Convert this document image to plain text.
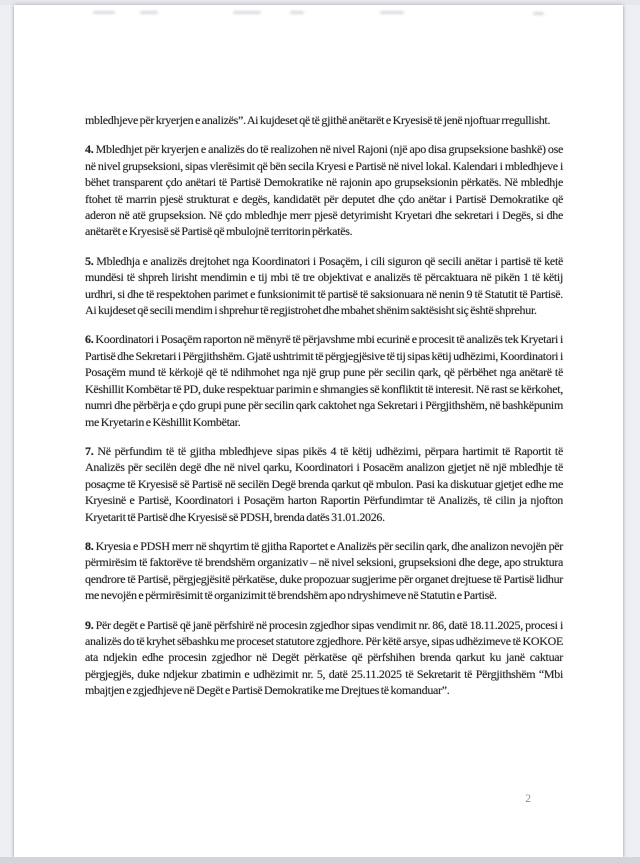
mbledhjeve për kryerjen e analizës”. Ai kujdeset që të gjithë anëtarët e Kryesisë të jenë njoftuar rregullisht.

4. Mbledhjet për kryerjen e analizës do të realizohen në nivel Rajoni (një apo disa grupseksione bashkë) ose në nivel grupseksioni, sipas vlerësimit që bën secila Kryesi e Partisë në nivel lokal. Kalendari i mbledhjeve i bëhet transparent çdo anëtari të Partisë Demokratike në rajonin apo grupseksionin përkatës. Në mbledhje ftohet të marrin pjesë strukturat e degës, kandidatët për deputet dhe çdo anëtar i Partisë Demokratike që aderon në atë grupseksion. Në çdo mbledhje merr pjesë detyrimisht Kryetari dhe sekretari i Degës, si dhe anëtarët e Kryesisë së Partisë që mbulojnë territorin përkatës.

5. Mbledhja e analizës drejtohet nga Koordinatori i Posaçëm, i cili siguron që secili anëtar i partisë të ketë mundësi të shpreh lirisht mendimin e tij mbi të tre objektivat e analizës të përcaktuara në pikën 1 të këtij urdhri, si dhe të respektohen parimet e funksionimit të partisë të saksionuara në nenin 9 të Statutit të Partisë. Ai kujdeset që secili mendim i shprehur të regjistrohet dhe mbahet shënim saktësisht siç është shprehur.

6. Koordinatori i Posaçëm raporton në mënyrë të përjavshme mbi ecurinë e procesit të analizës tek Kryetari i Partisë dhe Sekretari i Përgjithshëm. Gjatë ushtrimit të përgjegjësive të tij sipas këtij udhëzimi, Koordinatori i Posaçëm mund të kërkojë që të ndihmohet nga një grup pune për secilin qark, që përbëhet nga anëtarë të Këshillit Kombëtar të PD, duke respektuar parimin e shmangies së konfliktit të interesit. Në rast se kërkohet, numri dhe përbërja e çdo grupi pune për secilin qark caktohet nga Sekretari i Përgjithshëm, në bashkëpunim me Kryetarin e Këshillit Kombëtar.

7. Në përfundim të të gjitha mbledhjeve sipas pikës 4 të këtij udhëzimi, përpara hartimit të Raportit të Analizës për secilën degë dhe në nivel qarku, Koordinatori i Posacëm analizon gjetjet në një mbledhje të posaçme të Kryesisë së Partisë në secilën Degë brenda qarkut që mbulon. Pasi ka diskutuar gjetjet edhe me Kryesinë e Partisë, Koordinatori i Posaçëm harton Raportin Përfundimtar të Analizës, të cilin ja njofton Kryetarit të Partisë dhe Kryesisë së PDSH, brenda datës 31.01.2026.

8. Kryesia e PDSH merr në shqyrtim të gjitha Raportet e Analizës për secilin qark, dhe analizon nevojën për përmirësim të faktorëve të brendshëm organizativ – në nivel seksioni, grupseksioni dhe dege, apo struktura qendrore të Partisë, përgjegjësitë përkatëse, duke propozuar sugjerime për organet drejtuese të Partisë lidhur me nevojën e përmirësimit të organizimit të brendshëm apo ndryshimeve në Statutin e Partisë.

9. Për degët e Partisë që janë përfshirë në procesin zgjedhor sipas vendimit nr. 86, datë 18.11.2025, procesi i analizës do të kryhet sëbashku me proceset statutore zgjedhore. Për këtë arsye, sipas udhëzimeve të KOKOE ata ndjekin edhe procesin zgjedhor në Degët përkatëse që përfshihen brenda qarkut ku janë caktuar përgjegjës, duke ndjekur zbatimin e udhëzimit nr. 5, datë 25.11.2025 të Sekretarit të Përgjithshëm “Mbi mbajtjen e zgjedhjeve në Degët e Partisë Demokratike me Drejtues të komanduar”.

2
